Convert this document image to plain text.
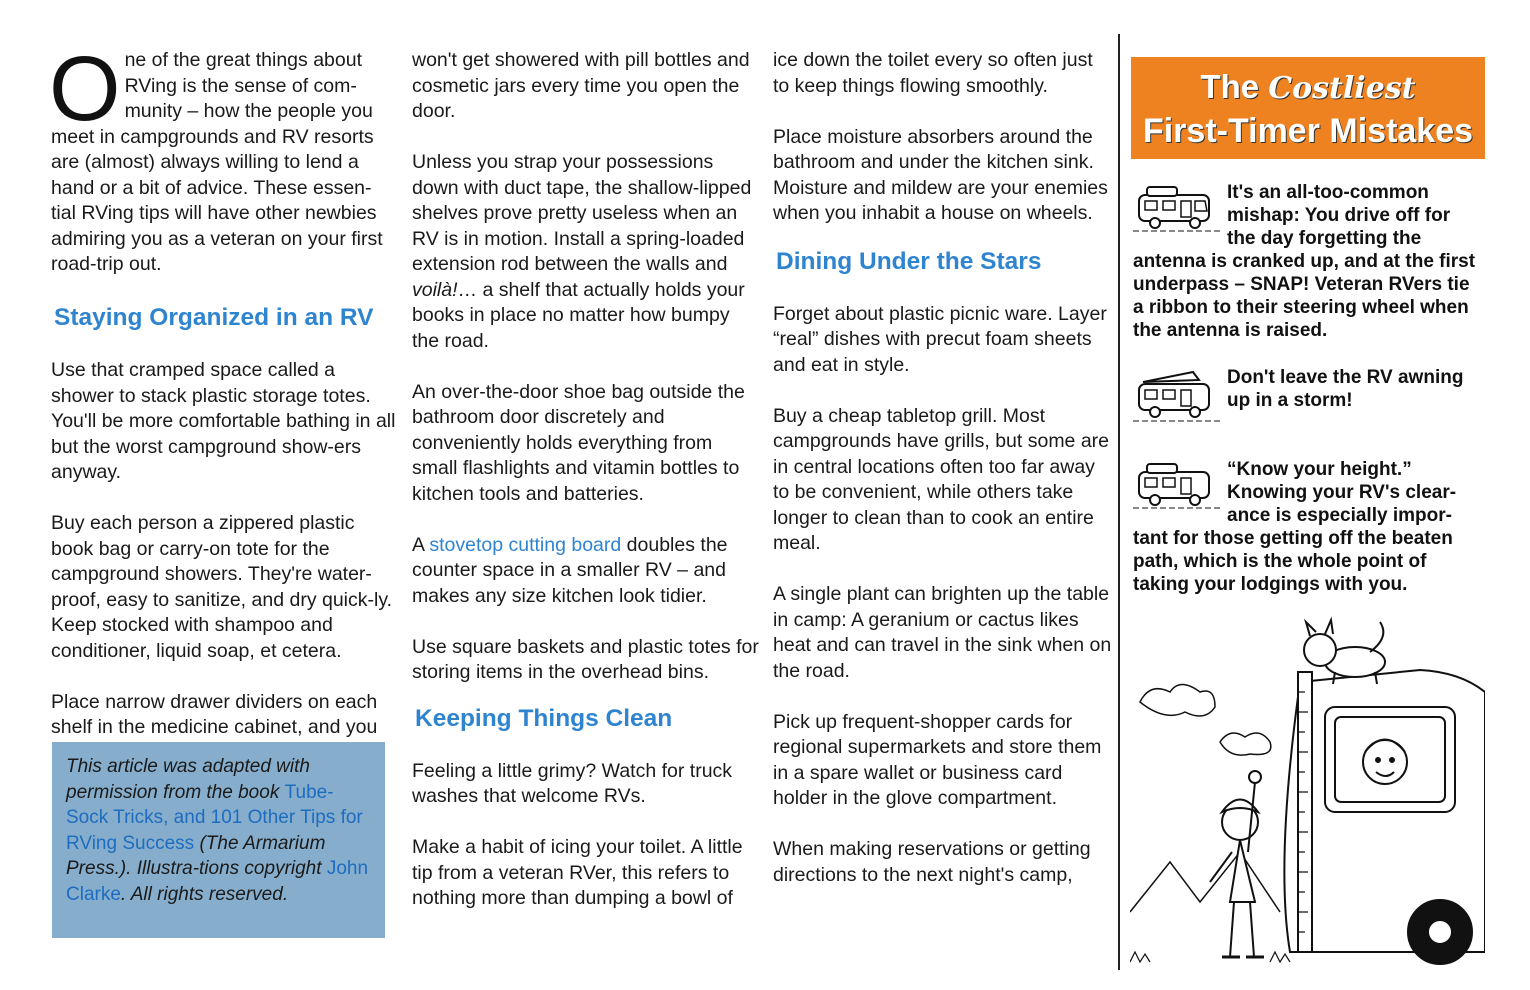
One of the great things about RVing is the sense of com-munity – how the people you meet in campgrounds and RV resorts are (almost) always willing to lend a hand or a bit of advice. These essen-tial RVing tips will have other newbies admiring you as a veteran on your first road-trip out.

Staying Organized in an RV

Use that cramped space called a shower to stack plastic storage totes. You'll be more comfortable bathing in all but the worst campground show-ers anyway.

Buy each person a zippered plastic book bag or carry-on tote for the campground showers. They're water-proof, easy to sanitize, and dry quick-ly. Keep stocked with shampoo and conditioner, liquid soap, et cetera.

Place narrow drawer dividers on each shelf in the medicine cabinet, and you

This article was adapted with permission from the book Tube-Sock Tricks, and 101 Other Tips for RVing Success (The Armarium Press.). Illustra-tions copyright John Clarke. All rights reserved.

won't get showered with pill bottles and cosmetic jars every time you open the door.

Unless you strap your possessions down with duct tape, the shallow-lipped shelves prove pretty useless when an RV is in motion. Install a spring-loaded extension rod between the walls and voilà!… a shelf that actually holds your books in place no matter how bumpy the road.

An over-the-door shoe bag outside the bathroom door discretely and conveniently holds everything from small flashlights and vitamin bottles to kitchen tools and batteries.

A stovetop cutting board doubles the counter space in a smaller RV – and makes any size kitchen look tidier.

Use square baskets and plastic totes for storing items in the overhead bins.

Keeping Things Clean

Feeling a little grimy? Watch for truck washes that welcome RVs.

Make a habit of icing your toilet. A little tip from a veteran RVer, this refers to nothing more than dumping a bowl of

ice down the toilet every so often just to keep things flowing smoothly.

Place moisture absorbers around the bathroom and under the kitchen sink. Moisture and mildew are your enemies when you inhabit a house on wheels.

Dining Under the Stars

Forget about plastic picnic ware. Layer “real” dishes with precut foam sheets and eat in style.

Buy a cheap tabletop grill. Most campgrounds have grills, but some are in central locations often too far away to be convenient, while others take longer to clean than to cook an entire meal.

A single plant can brighten up the table in camp: A geranium or cactus likes heat and can travel in the sink when on the road.

Pick up frequent-shopper cards for regional supermarkets and store them in a spare wallet or business card holder in the glove compartment.

When making reservations or getting directions to the next night's camp,

The Costliest
First-Timer Mistakes
It's an all-too-common mishap: You drive off for the day forgetting the antenna is cranked up, and at the first underpass – SNAP! Veteran RVers tie a ribbon to their steering wheel when the antenna is raised.
Don't leave the RV awning up in a storm!
“Know your height.” Knowing your RV's clear-ance is especially impor-tant for those getting off the beaten path, which is the whole point of taking your lodgings with you.
